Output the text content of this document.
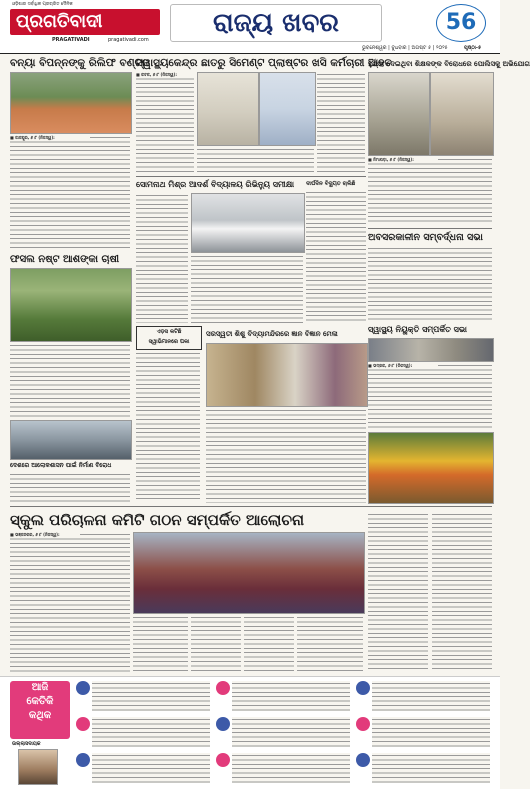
ଓଡ଼ିଶାର ସର୍ବାଧିକ ପ୍ରଚାରିତ ଦୈନିକ
ପ୍ରଗତିବାଦୀ
PRAGATIVADI	pragativadi.com
ରାଜ୍ୟ ଖବର	56
ଭୁବନେଶ୍ୱର | ବୁଧବାର | ଅଗଷ୍ଟ ୫ | ୨୦୨୫	ପୃଷ୍ଠା-୫
ବନ୍ୟା ବିପନ୍ନଙ୍କୁ ରିଲିଫ ବଣ୍ଟନ
■ ଜାଜପୁର, ୬।୮ (ନିଜସ୍ୱ):
ସ୍ୱାସ୍ଥ୍ୟକେନ୍ଦ୍ର ଛାତରୁ ସିମେଣ୍ଟ ପ୍ଲାଷ୍ଟର ଖସି କର୍ମଚାରୀ ଆହତ
■ କଟକ, ୬।୮ (ନିଜସ୍ୱ):
ହୁଣ୍ଡା ଦେଇଥିବା ଶିକ୍ଷକଙ୍କ ବିରୋଧରେ ପୋଲିସକୁ ଅଭିଯୋଗ
■ ନିମାପଡ଼ା, ୬।୮ (ନିଜସ୍ୱ):
ସୋମନାଥ ମିଶ୍ର ଆଦର୍ଶ ବିଦ୍ୟାଳୟ ରିଭିନ୍ୟୁ ସମୀକ୍ଷା	ଦୀର୍ଘଦିନ ବିଦ୍ୟୁତ ଚାଲିଛି
ଫସଲ ନଷ୍ଟ ଆଶଙ୍କା ଚାଷୀ
ଅବସରକାଳୀନ ସମ୍ବର୍ଦ୍ଧନା ସଭା
ଏଡ଼ସ କଟିଛି
ସ୍ୱାଭିମାନରେ ପକା
ସରସ୍ୱତୀ ଶିଶୁ ବିଦ୍ୟାମନ୍ଦିରରେ ଜ୍ଞାନ ବିଜ୍ଞାନ ମେଳା	ସ୍ୱାସ୍ଥ୍ୟ ନିୟୁକ୍ତି ସମ୍ପର୍କିତ ସଭା
■ ଭଦ୍ରକ, ୬।୮ (ନିଜସ୍ୱ):
ଦେଶରେ ଆଲୋକଶାସନ ପାଇଁ ନିର୍ମାଣ ବିରୋଧ
ସ୍କୁଲ ପରିଚାଳନା କମିଟି ଗଠନ ସମ୍ପର୍କିତ ଆଲୋଚନା
■ ଭଞ୍ଜନଗର, ୬।୮ (ନିଜସ୍ୱ):
ଆଜି
କେତିକି
କଥିକ
ଉଲ୍ଲାସଦାୟକ
